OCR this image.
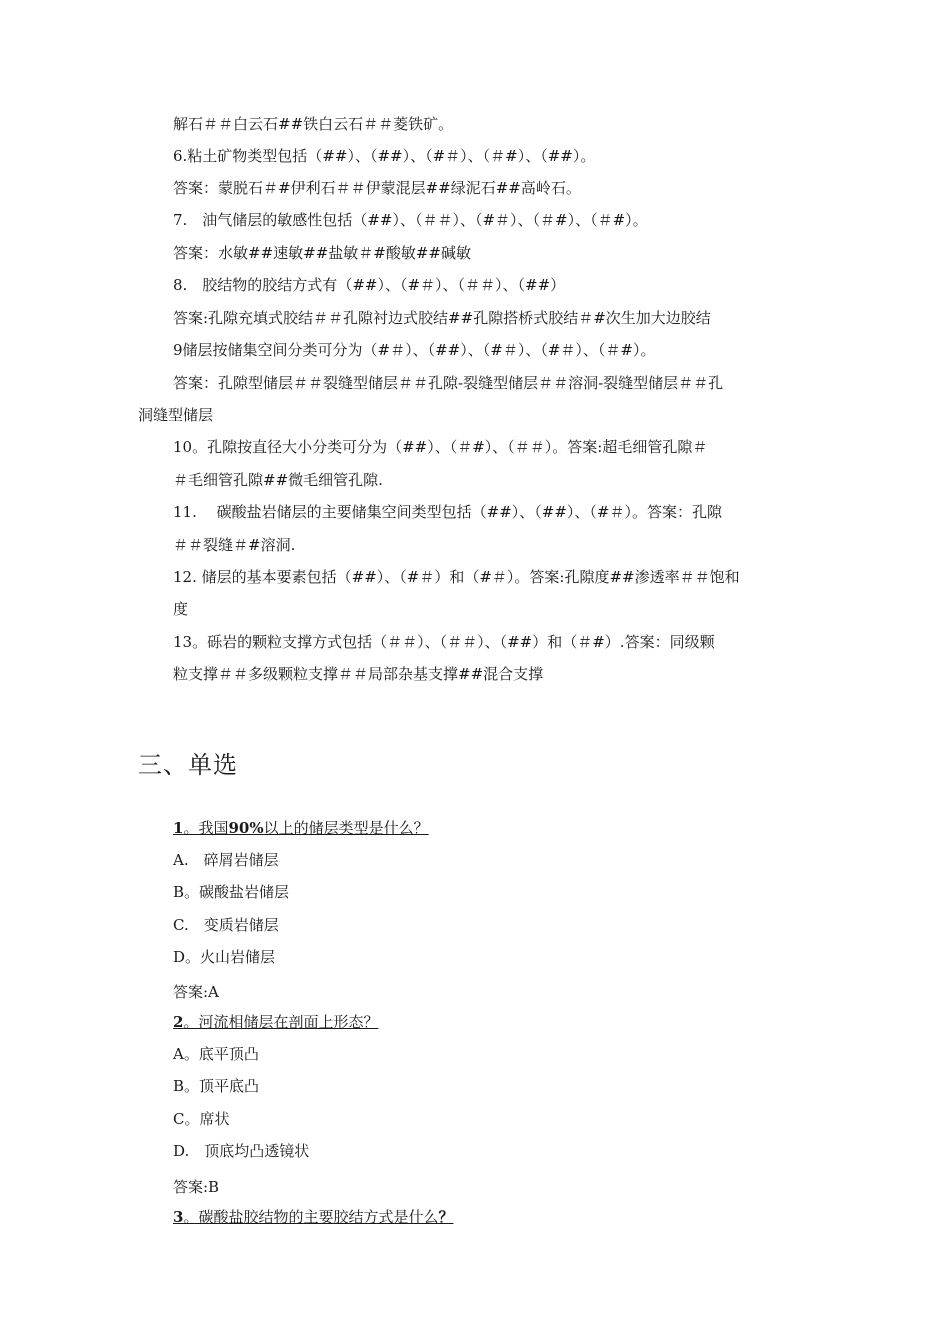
解石＃＃白云石##铁白云石＃＃菱铁矿。
6.粘土矿物类型包括（##）、（##）、（#＃）、（＃#）、（##）。
答案：蒙脱石＃#伊利石＃＃伊蒙混层##绿泥石##高岭石。
7.　油气储层的敏感性包括（##）、（＃＃）、（#＃）、（＃#）、（＃#）。
答案：水敏##速敏##盐敏＃#酸敏##碱敏
8.　胶结物的胶结方式有（##）、（#＃）、（＃＃）、（##）
答案:孔隙充填式胶结＃＃孔隙衬边式胶结##孔隙搭桥式胶结＃#次生加大边胶结
9储层按储集空间分类可分为（#＃）、（##）、（#＃）、（#＃）、（＃#）。
答案：孔隙型储层＃＃裂缝型储层＃＃孔隙-裂缝型储层＃＃溶洞-裂缝型储层＃＃孔
洞缝型储层
10。孔隙按直径大小分类可分为（##）、（＃#）、（＃＃）。答案:超毛细管孔隙＃
＃毛细管孔隙##微毛细管孔隙.
11.　 碳酸盐岩储层的主要储集空间类型包括（##）、（##）、（#＃）。答案：孔隙
＃＃裂缝＃#溶洞.
12. 储层的基本要素包括（##）、（#＃）和（#＃）。答案:孔隙度##渗透率＃＃饱和
度
13。砾岩的颗粒支撑方式包括（＃＃）、（＃＃）、（##）和（＃#）.答案：同级颗
粒支撑＃＃多级颗粒支撑＃＃局部杂基支撑##混合支撑
三、单选
1。我国90%以上的储层类型是什么？
A.　碎屑岩储层
B。碳酸盐岩储层
C.　变质岩储层
D。火山岩储层
答案:A
2。河流相储层在剖面上形态？
A。底平顶凸
B。顶平底凸
C。席状
D.　顶底均凸透镜状
答案:B
3。碳酸盐胶结物的主要胶结方式是什么？
